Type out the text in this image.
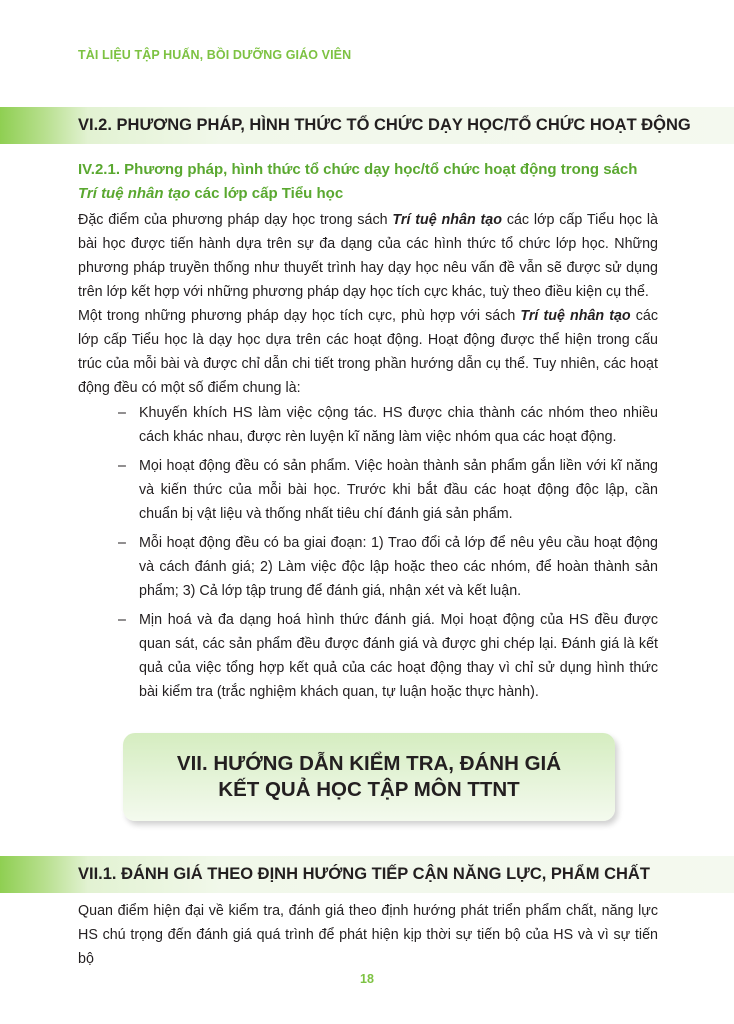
TÀI LIỆU TẬP HUẤN, BỒI DƯỠNG GIÁO VIÊN
VI.2. PHƯƠNG PHÁP, HÌNH THỨC TỔ CHỨC DẠY HỌC/TỔ CHỨC HOẠT ĐỘNG
IV.2.1. Phương pháp, hình thức tổ chức dạy học/tổ chức hoạt động trong sách Trí tuệ nhân tạo các lớp cấp Tiểu học

Đặc điểm của phương pháp dạy học trong sách Trí tuệ nhân tạo các lớp cấp Tiểu học là bài học được tiến hành dựa trên sự đa dạng của các hình thức tổ chức lớp học. Những phương pháp truyền thống như thuyết trình hay dạy học nêu vấn đề vẫn sẽ được sử dụng trên lớp kết hợp với những phương pháp dạy học tích cực khác, tuỳ theo điều kiện cụ thể.

Một trong những phương pháp dạy học tích cực, phù hợp với sách Trí tuệ nhân tạo các lớp cấp Tiểu học là dạy học dựa trên các hoạt động. Hoạt động được thể hiện trong cấu trúc của mỗi bài và được chỉ dẫn chi tiết trong phần hướng dẫn cụ thể. Tuy nhiên, các hoạt động đều có một số điểm chung là:

– Khuyến khích HS làm việc cộng tác. HS được chia thành các nhóm theo nhiều cách khác nhau, được rèn luyện kĩ năng làm việc nhóm qua các hoạt động.
– Mọi hoạt động đều có sản phẩm. Việc hoàn thành sản phẩm gắn liền với kĩ năng và kiến thức của mỗi bài học. Trước khi bắt đầu các hoạt động độc lập, cần chuẩn bị vật liệu và thống nhất tiêu chí đánh giá sản phẩm.
– Mỗi hoạt động đều có ba giai đoạn: 1) Trao đổi cả lớp để nêu yêu cầu hoạt động và cách đánh giá; 2) Làm việc độc lập hoặc theo các nhóm, để hoàn thành sản phẩm; 3) Cả lớp tập trung để đánh giá, nhận xét và kết luận.
– Mịn hoá và đa dạng hoá hình thức đánh giá. Mọi hoạt động của HS đều được quan sát, các sản phẩm đều được đánh giá và được ghi chép lại. Đánh giá là kết quả của việc tổng hợp kết quả của các hoạt động thay vì chỉ sử dụng hình thức bài kiểm tra (trắc nghiệm khách quan, tự luận hoặc thực hành).
VII. HƯỚNG DẪN KIỂM TRA, ĐÁNH GIÁ
KẾT QUẢ HỌC TẬP MÔN TTNT
VII.1. ĐÁNH GIÁ THEO ĐỊNH HƯỚNG TIẾP CẬN NĂNG LỰC, PHẨM CHẤT

Quan điểm hiện đại về kiểm tra, đánh giá theo định hướng phát triển phẩm chất, năng lực HS chú trọng đến đánh giá quá trình để phát hiện kịp thời sự tiến bộ của HS và vì sự tiến bộ

18
